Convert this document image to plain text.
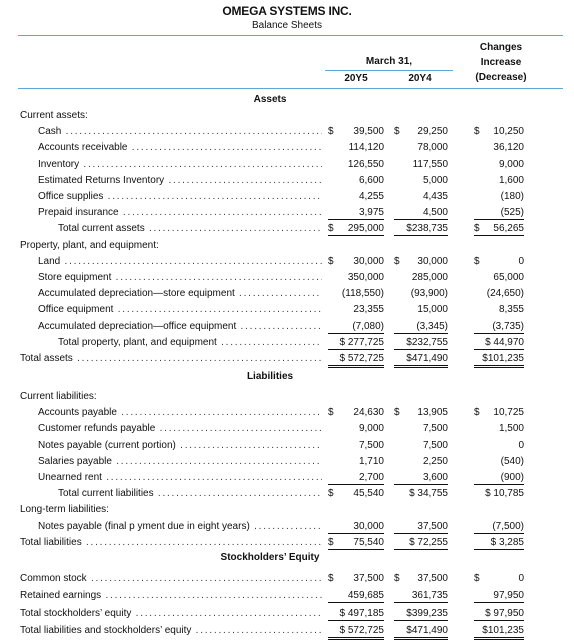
OMEGA SYSTEMS INC.
Balance Sheets
March 31,
20Y5	20Y4
Changes
Increase
(Decrease)
Assets
Current assets:
Cash . . .	$ 39,500 $ 29,250	$ 10,250
Accounts receivable . . .	114,120	78,000	36,120
Inventory . . .	126,550	117,550	9,000
Estimated Returns Inventory . . .	6,600	5,000	1,600
Office supplies . . .	4,255	4,435	(180)
Prepaid insurance . . .	3,975	4,500	(525)
Total current assets . . .	$ 295,000 $238,735	$ 56,265
Property, plant, and equipment:
Land . . .	$ 30,000 $ 30,000	$	0
Store equipment . . .	350,000	285,000	65,000
Accumulated depreciation—store equipment . . .	(118,550)	(93,900)	(24,650)
Office equipment . . .	23,355	15,000	8,355
Accumulated depreciation—office equipment . . .	(7,080)	(3,345)	(3,735)
Total property, plant, and equipment . . .	$ 277,725 $232,755	$ 44,970
Total assets . . .	$ 572,725 $471,490	$101,235
Liabilities
Current liabilities:
Accounts payable . . .	$ 24,630 $ 13,905	$ 10,725
Customer refunds payable . . .	9,000	7,500	1,500
Notes payable (current portion) . . .	7,500	7,500	0
Salaries payable . . .	1,710	2,250	(540)
Unearned rent . . .	2,700	3,600	(900)
Total current liabilities . . .	$ 45,540	$ 34,755	$ 10,785
Long-term liabilities:
Notes payable (final p yment due in eight years) . . .	30,000	37,500	(7,500)
Total liabilities . . .	$ 75,540	$ 72,255	$ 3,285
Stockholders’ Equity
Common stock . . .	$ 37,500 $ 37,500	$	0
Retained earnings . . .	459,685	361,735	97,950
Total stockholders’ equity . . .	$ 497,185 $399,235	$ 97,950
Total liabilities and stockholders’ equity . . .	$ 572,725 $471,490	$101,235
